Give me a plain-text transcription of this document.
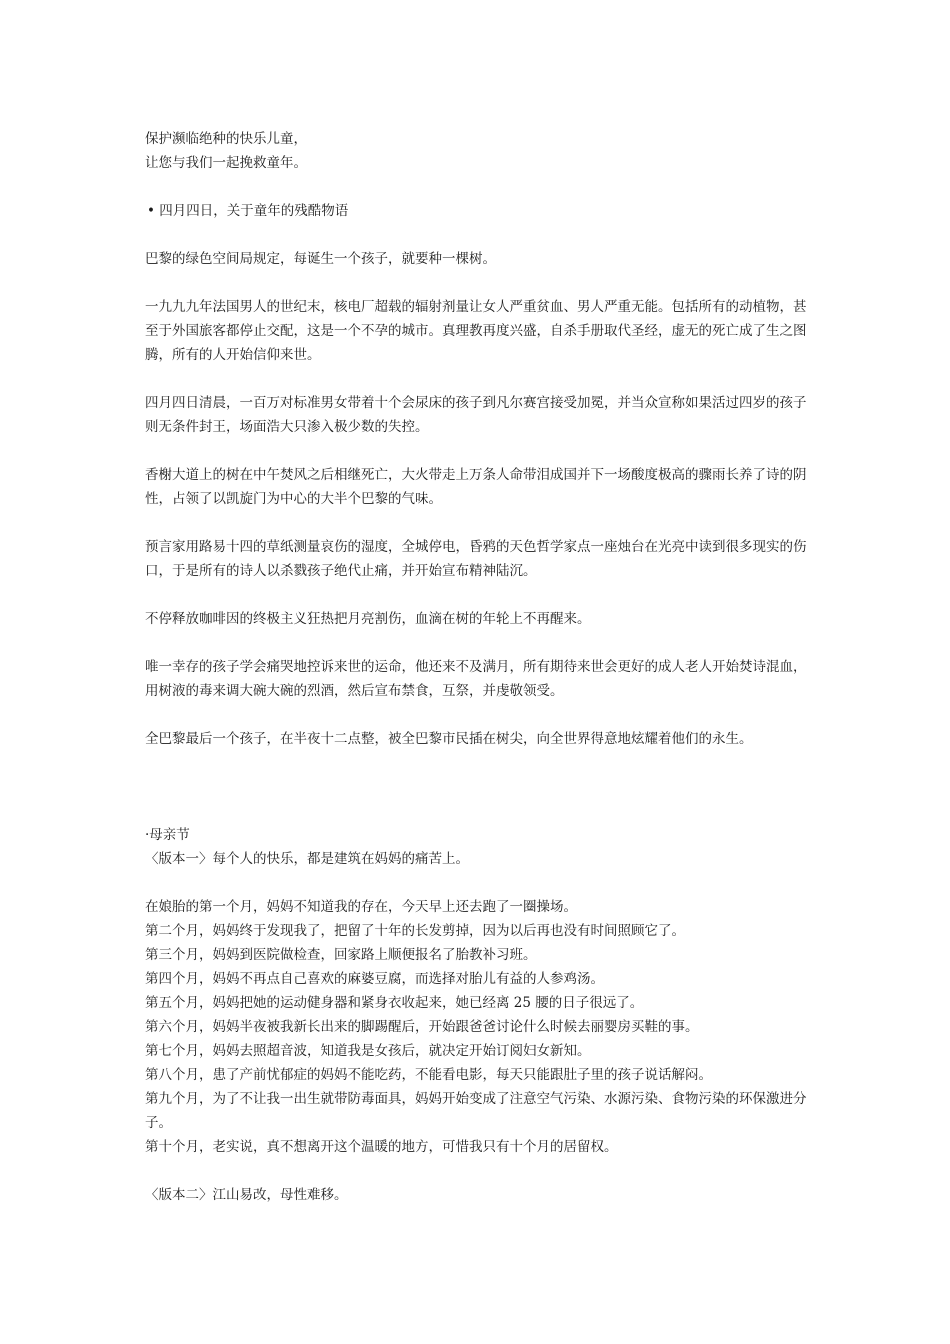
保护濒临绝种的快乐儿童，

让您与我们一起挽救童年。

• 四月四日，关于童年的残酷物语

巴黎的绿色空间局规定，每诞生一个孩子，就要种一棵树。

一九九九年法国男人的世纪末，核电厂超载的辐射剂量让女人严重贫血、男人严重无能。包括所有的动植物，甚至于外国旅客都停止交配，这是一个不孕的城市。真理教再度兴盛，自杀手册取代圣经，虚无的死亡成了生之图腾，所有的人开始信仰来世。

四月四日清晨，一百万对标准男女带着十个会尿床的孩子到凡尔赛宫接受加冕，并当众宣称如果活过四岁的孩子则无条件封王，场面浩大只渗入极少数的失控。

香榭大道上的树在中午焚风之后相继死亡，大火带走上万条人命带泪成国并下一场酸度极高的骤雨长养了诗的阴性，占领了以凯旋门为中心的大半个巴黎的气味。

预言家用路易十四的草纸测量哀伤的湿度，全城停电，昏鸦的天色哲学家点一座烛台在光亮中读到很多现实的伤口，于是所有的诗人以杀戮孩子绝代止痛，并开始宣布精神陆沉。

不停释放咖啡因的终极主义狂热把月亮割伤，血滴在树的年轮上不再醒来。

唯一幸存的孩子学会痛哭地控诉来世的运命，他还来不及满月，所有期待来世会更好的成人老人开始焚诗混血，用树液的毒来调大碗大碗的烈酒，然后宣布禁食，互祭，并虔敬领受。

全巴黎最后一个孩子，在半夜十二点整，被全巴黎市民插在树尖，向全世界得意地炫耀着他们的永生。

·母亲节

〈版本一〉每个人的快乐，都是建筑在妈妈的痛苦上。

在娘胎的第一个月，妈妈不知道我的存在，今天早上还去跑了一圈操场。

第二个月，妈妈终于发现我了，把留了十年的长发剪掉，因为以后再也没有时间照顾它了。

第三个月，妈妈到医院做检查，回家路上顺便报名了胎教补习班。

第四个月，妈妈不再点自己喜欢的麻婆豆腐，而选择对胎儿有益的人参鸡汤。

第五个月，妈妈把她的运动健身器和紧身衣收起来，她已经离 25 腰的日子很远了。

第六个月，妈妈半夜被我新长出来的脚踢醒后，开始跟爸爸讨论什么时候去丽婴房买鞋的事。

第七个月，妈妈去照超音波，知道我是女孩后，就决定开始订阅妇女新知。

第八个月，患了产前忧郁症的妈妈不能吃药，不能看电影，每天只能跟肚子里的孩子说话解闷。

第九个月，为了不让我一出生就带防毒面具，妈妈开始变成了注意空气污染、水源污染、食物污染的环保激进分子。

第十个月，老实说，真不想离开这个温暖的地方，可惜我只有十个月的居留权。

〈版本二〉江山易改，母性难移。
